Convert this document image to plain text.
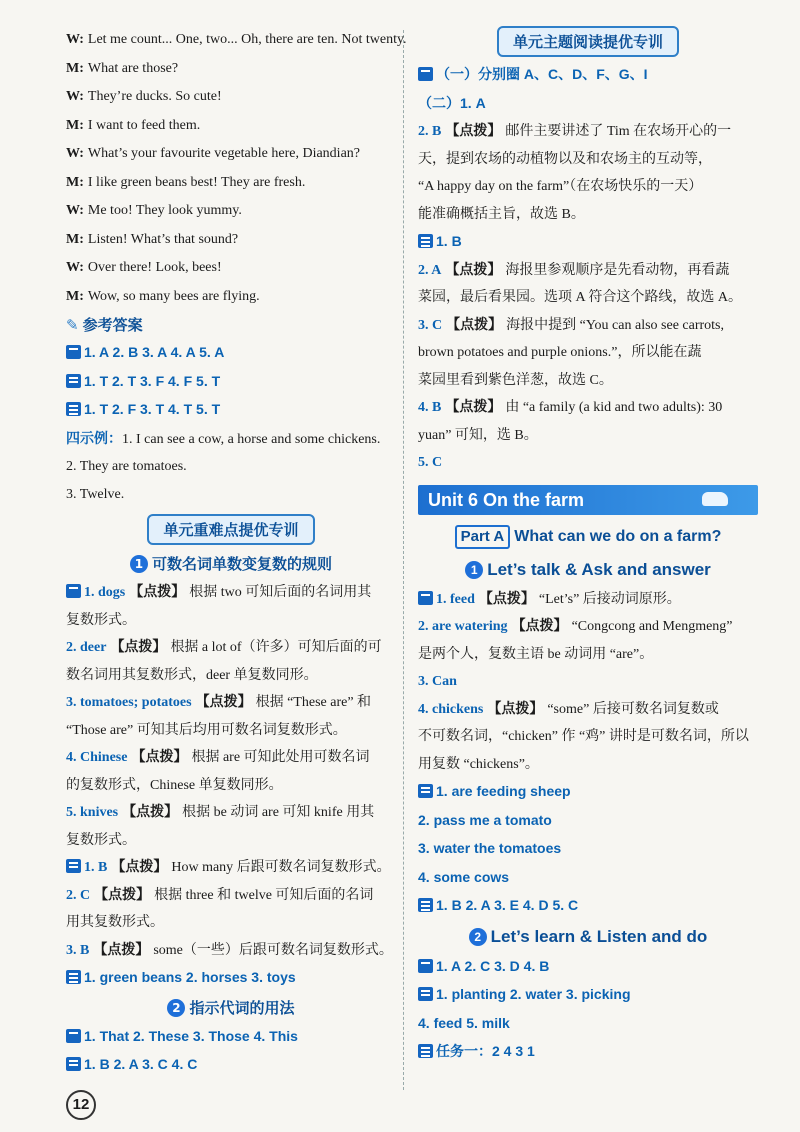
W: Let me count... One, two... Oh, there are ten. Not twenty.
M: What are those?
W: They’re ducks. So cute!
M: I want to feed them.
W: What’s your favourite vegetable here, Diandian?
M: I like green beans best! They are fresh.
W: Me too! They look yummy.
M: Listen! What’s that sound?
W: Over there! Look, bees!
M: Wow, so many bees are flying.
✎ 参考答案
1. A 2. B 3. A 4. A 5. A
1. T 2. T 3. F 4. F 5. T
1. T 2. F 3. T 4. T 5. T
四示例：1. I can see a cow, a horse and some chickens.
2. They are tomatoes.
3. Twelve.
单元重难点提优专训
1 可数名词单数变复数的规则
1. dogs 【点拨】 根据 two 可知后面的名词用其
复数形式。
2. deer 【点拨】 根据 a lot of（许多）可知后面的可
数名词用其复数形式，deer 单复数同形。
3. tomatoes; potatoes 【点拨】 根据 “These are” 和
“Those are” 可知其后均用可数名词复数形式。
4. Chinese 【点拨】 根据 are 可知此处用可数名词
的复数形式，Chinese 单复数同形。
5. knives 【点拨】 根据 be 动词 are 可知 knife 用其
复数形式。
1. B 【点拨】 How many 后跟可数名词复数形式。
2. C 【点拨】 根据 three 和 twelve 可知后面的名词
用其复数形式。
3. B 【点拨】 some（一些）后跟可数名词复数形式。
1. green beans 2. horses 3. toys
2 指示代词的用法
1. That 2. These 3. Those 4. This
1. B 2. A 3. C 4. C
单元主题阅读提优专训
（一）分别圈 A、C、D、F、G、I
（二）1. A
2. B 【点拨】 邮件主要讲述了 Tim 在农场开心的一
天，提到农场的动植物以及和农场主的互动等，
“A happy day on the farm”（在农场快乐的一天）
能准确概括主旨，故选 B。
1. B
2. A 【点拨】 海报里参观顺序是先看动物，再看蔬
菜园，最后看果园。选项 A 符合这个路线，故选 A。
3. C 【点拨】 海报中提到 “You can also see carrots,
brown potatoes and purple onions.”，所以能在蔬
菜园里看到紫色洋葱，故选 C。
4. B 【点拨】 由 “a family (a kid and two adults): 30
yuan” 可知，选 B。
5. C
Unit 6 On the farm
Part A What can we do on a farm?
1 Let’s talk & Ask and answer
1. feed 【点拨】 “Let’s” 后接动词原形。
2. are watering 【点拨】 “Congcong and Mengmeng”
是两个人，复数主语 be 动词用 “are”。
3. Can
4. chickens 【点拨】 “some” 后接可数名词复数或
不可数名词，“chicken” 作 “鸡” 讲时是可数名词，所以用复数 “chickens”。
1. are feeding sheep
2. pass me a tomato
3. water the tomatoes
4. some cows
1. B 2. A 3. E 4. D 5. C
2 Let’s learn & Listen and do
1. A 2. C 3. D 4. B
1. planting 2. water 3. picking
4. feed 5. milk
任务一：2 4 3 1
12
